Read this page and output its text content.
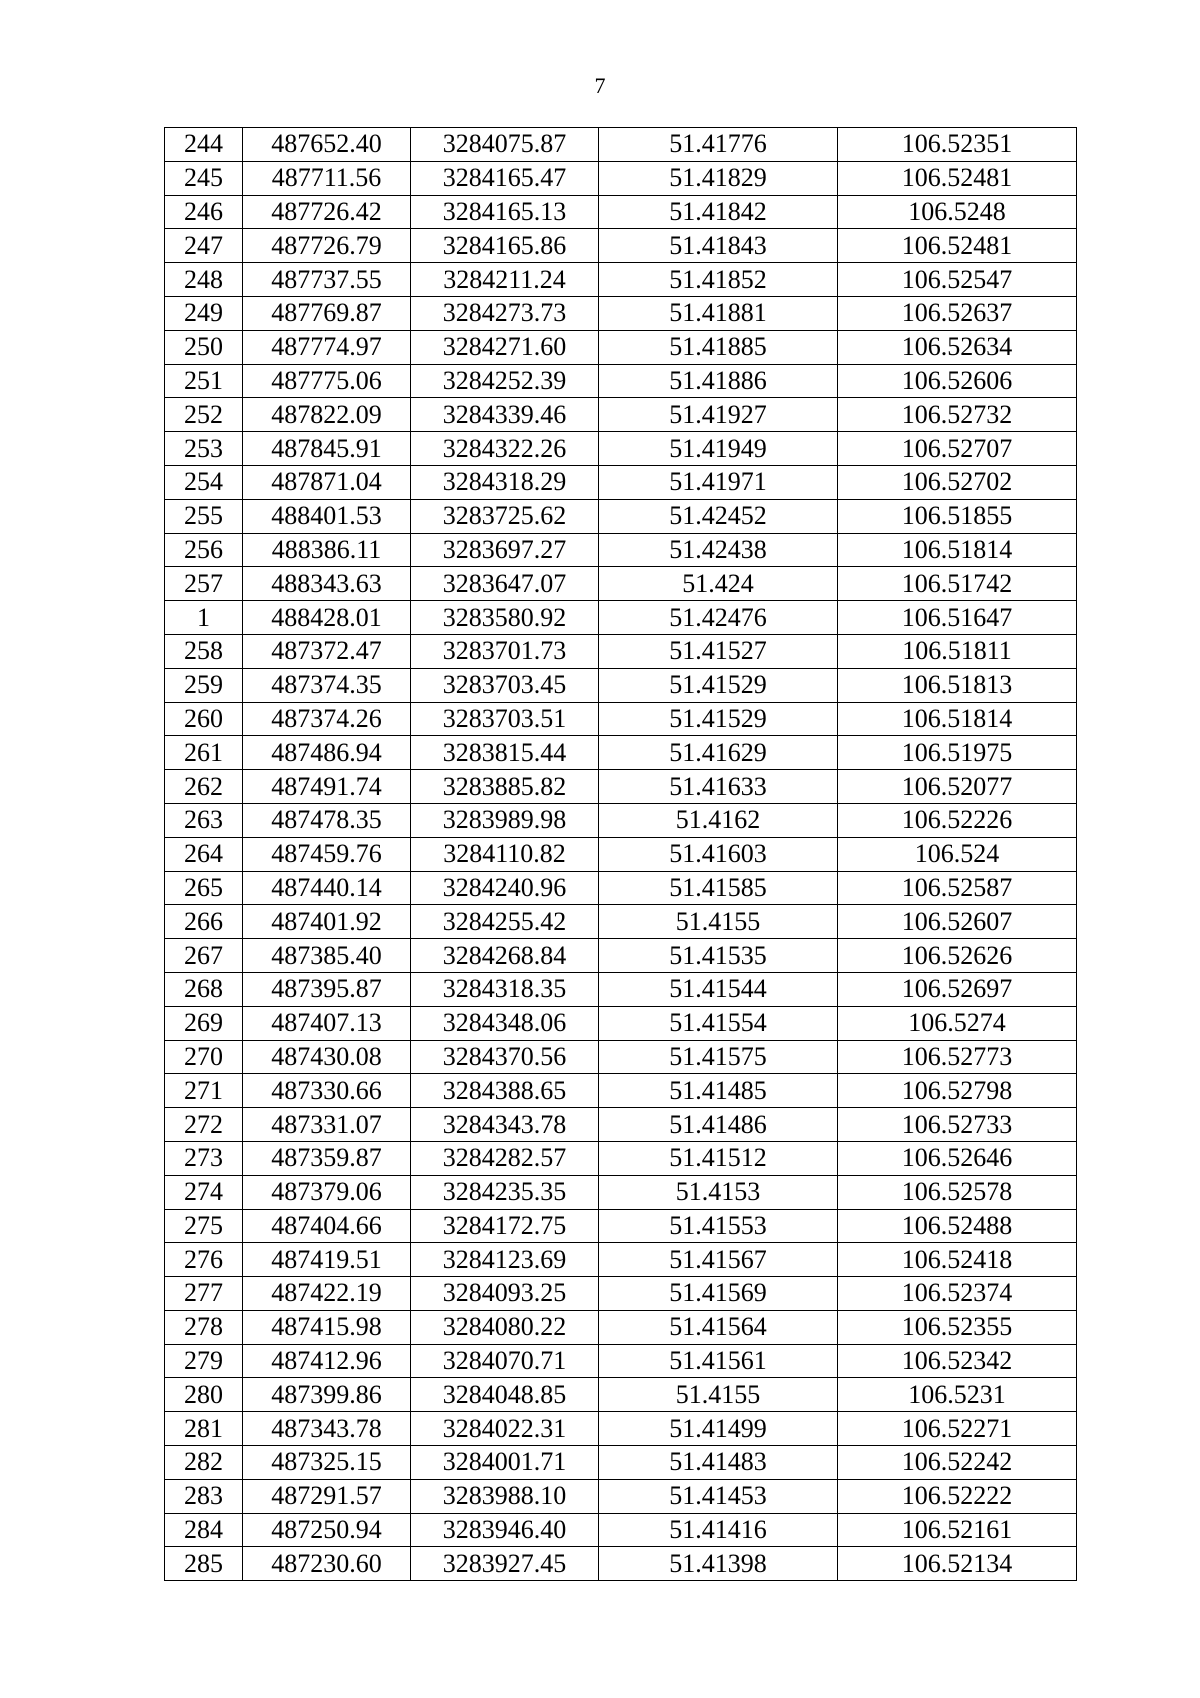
7
244	487652.40	3284075.87	51.41776	106.52351
245	487711.56	3284165.47	51.41829	106.52481
246	487726.42	3284165.13	51.41842	106.5248
247	487726.79	3284165.86	51.41843	106.52481
248	487737.55	3284211.24	51.41852	106.52547
249	487769.87	3284273.73	51.41881	106.52637
250	487774.97	3284271.60	51.41885	106.52634
251	487775.06	3284252.39	51.41886	106.52606
252	487822.09	3284339.46	51.41927	106.52732
253	487845.91	3284322.26	51.41949	106.52707
254	487871.04	3284318.29	51.41971	106.52702
255	488401.53	3283725.62	51.42452	106.51855
256	488386.11	3283697.27	51.42438	106.51814
257	488343.63	3283647.07	51.424	106.51742
1	488428.01	3283580.92	51.42476	106.51647
258	487372.47	3283701.73	51.41527	106.51811
259	487374.35	3283703.45	51.41529	106.51813
260	487374.26	3283703.51	51.41529	106.51814
261	487486.94	3283815.44	51.41629	106.51975
262	487491.74	3283885.82	51.41633	106.52077
263	487478.35	3283989.98	51.4162	106.52226
264	487459.76	3284110.82	51.41603	106.524
265	487440.14	3284240.96	51.41585	106.52587
266	487401.92	3284255.42	51.4155	106.52607
267	487385.40	3284268.84	51.41535	106.52626
268	487395.87	3284318.35	51.41544	106.52697
269	487407.13	3284348.06	51.41554	106.5274
270	487430.08	3284370.56	51.41575	106.52773
271	487330.66	3284388.65	51.41485	106.52798
272	487331.07	3284343.78	51.41486	106.52733
273	487359.87	3284282.57	51.41512	106.52646
274	487379.06	3284235.35	51.4153	106.52578
275	487404.66	3284172.75	51.41553	106.52488
276	487419.51	3284123.69	51.41567	106.52418
277	487422.19	3284093.25	51.41569	106.52374
278	487415.98	3284080.22	51.41564	106.52355
279	487412.96	3284070.71	51.41561	106.52342
280	487399.86	3284048.85	51.4155	106.5231
281	487343.78	3284022.31	51.41499	106.52271
282	487325.15	3284001.71	51.41483	106.52242
283	487291.57	3283988.10	51.41453	106.52222
284	487250.94	3283946.40	51.41416	106.52161
285	487230.60	3283927.45	51.41398	106.52134
